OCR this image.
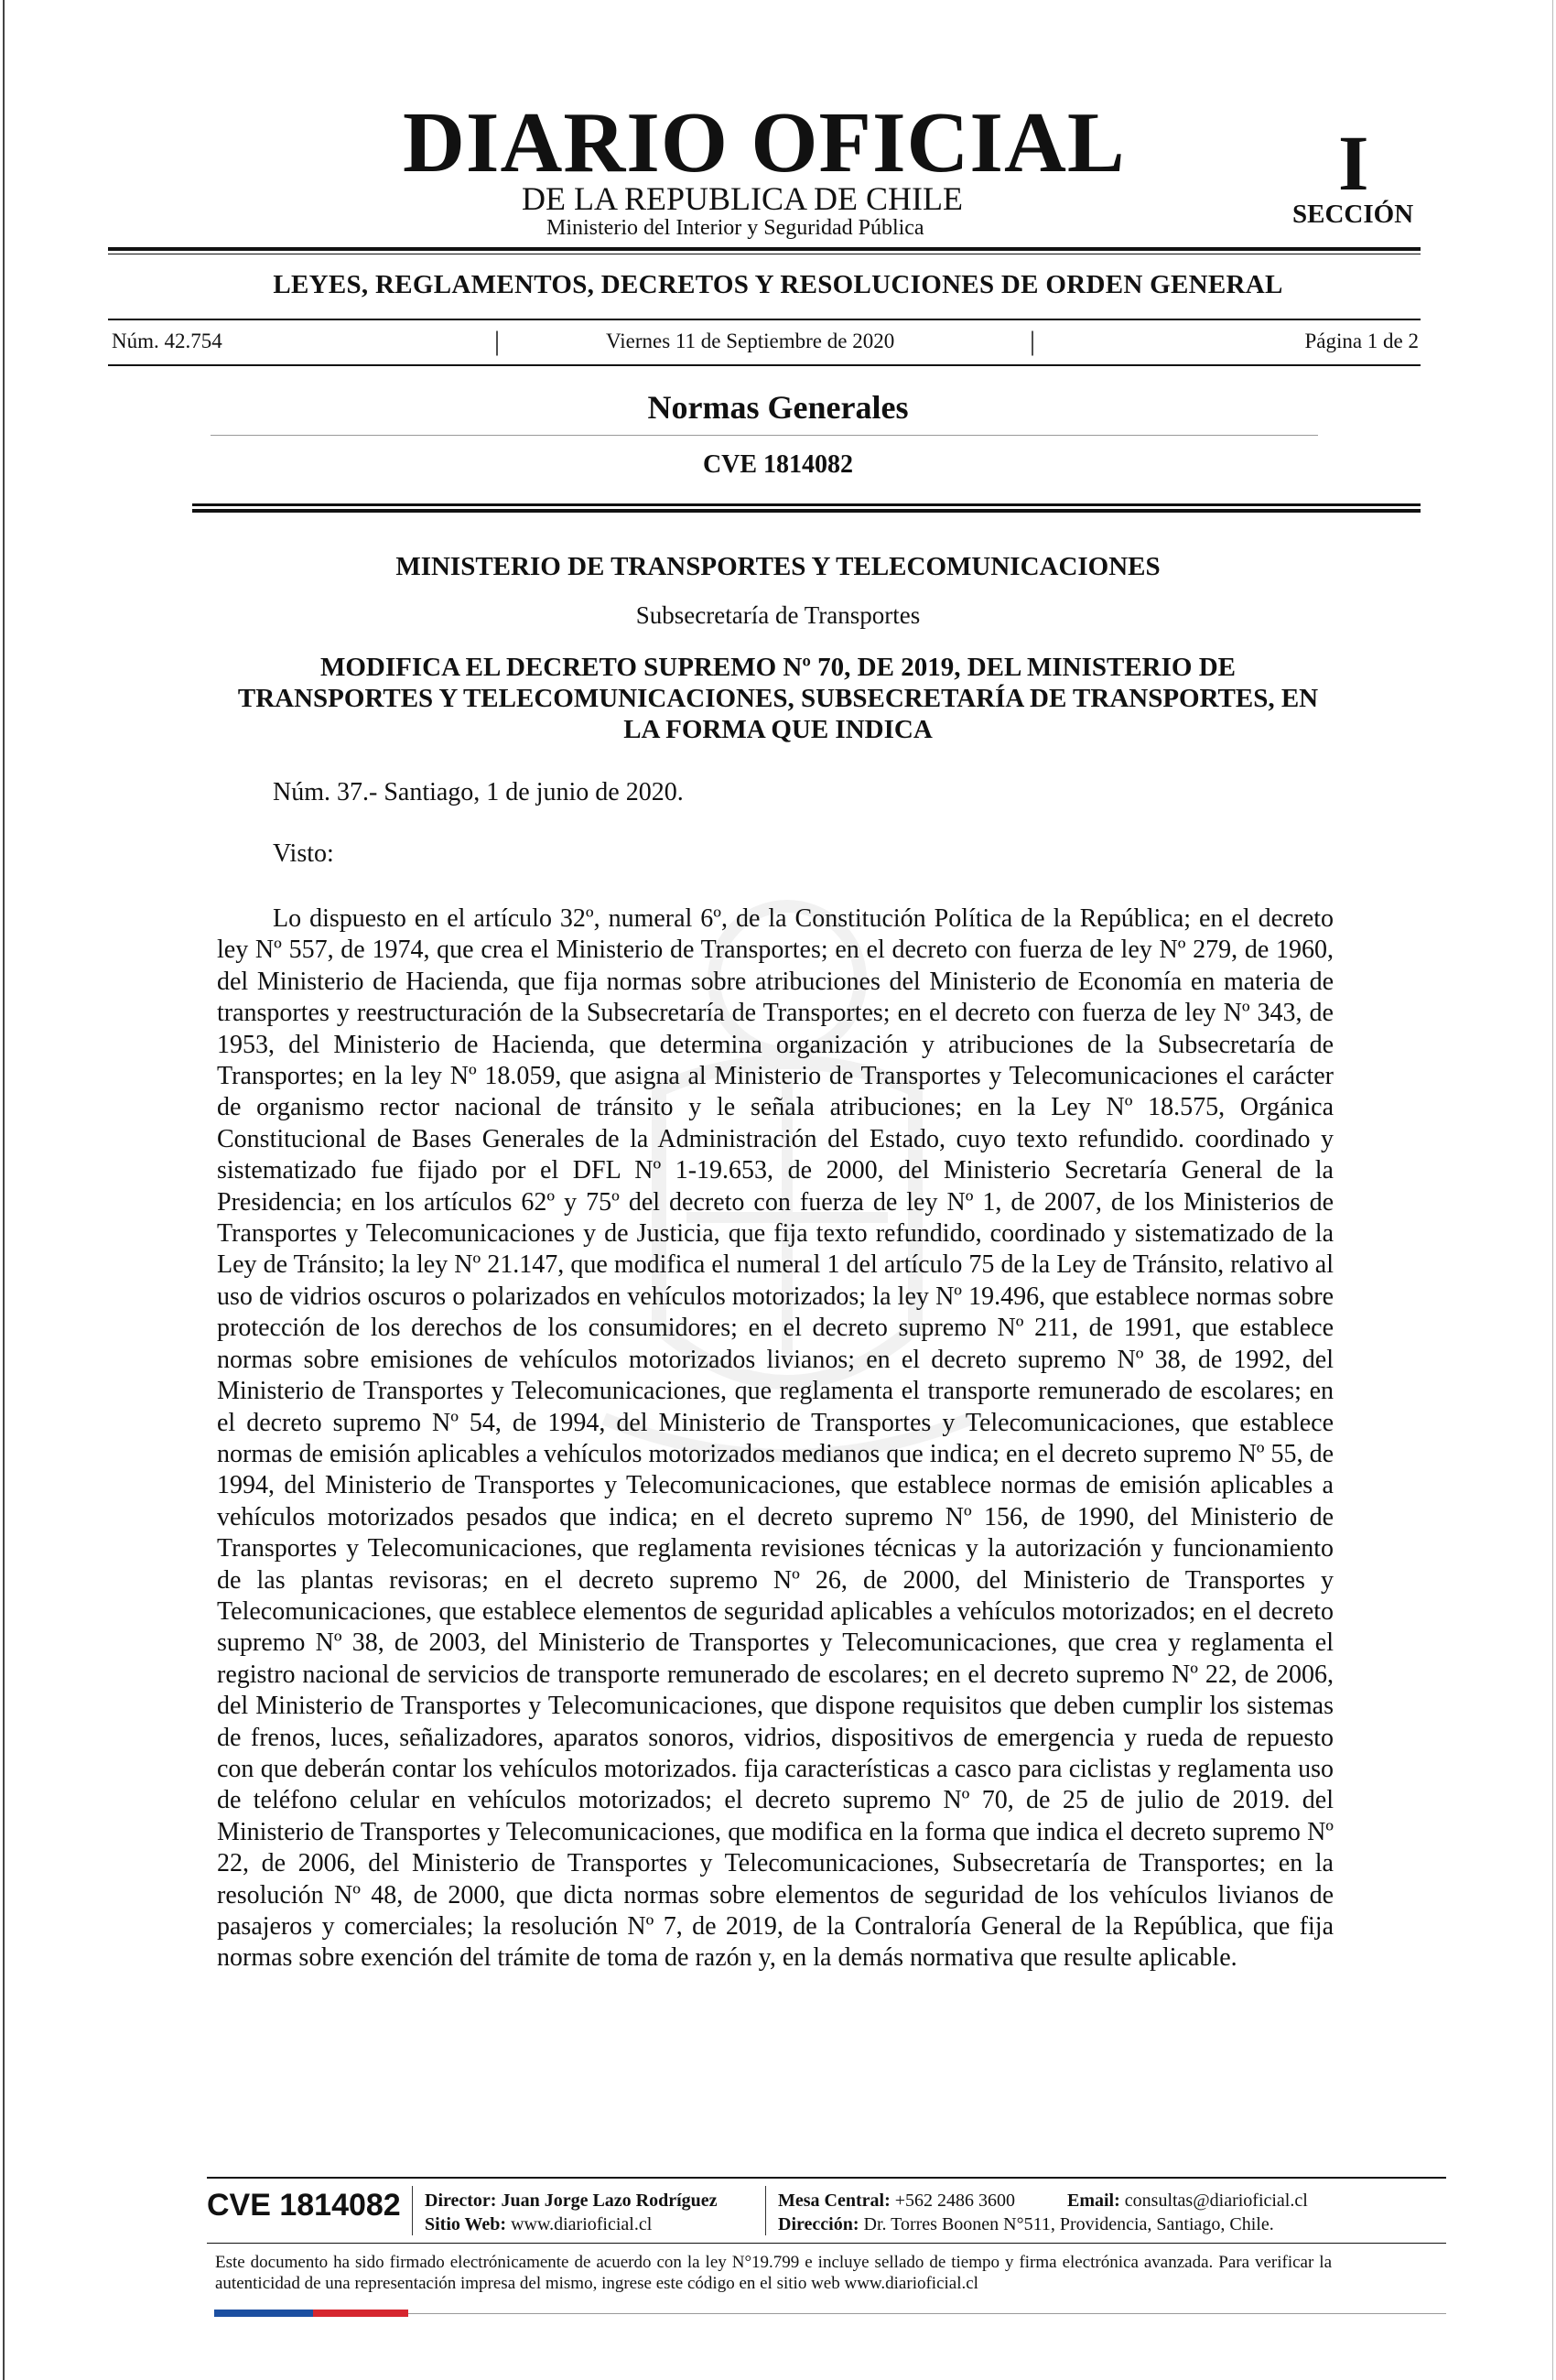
DIARIO OFICIAL
DE LA REPUBLICA DE CHILE
Ministerio del Interior y Seguridad Pública
I
SECCIÓN
LEYES, REGLAMENTOS, DECRETOS Y RESOLUCIONES DE ORDEN GENERAL
Núm. 42.754	|	Viernes 11 de Septiembre de 2020	|	Página 1 de 2
Normas Generales
CVE 1814082
MINISTERIO DE TRANSPORTES Y TELECOMUNICACIONES
Subsecretaría de Transportes
MODIFICA EL DECRETO SUPREMO Nº 70, DE 2019, DEL MINISTERIO DE TRANSPORTES Y TELECOMUNICACIONES, SUBSECRETARÍA DE TRANSPORTES, EN LA FORMA QUE INDICA
Núm. 37.- Santiago, 1 de junio de 2020.
Visto:
Lo dispuesto en el artículo 32º, numeral 6º, de la Constitución Política de la República; en el decreto ley Nº 557, de 1974, que crea el Ministerio de Transportes; en el decreto con fuerza de ley Nº 279, de 1960, del Ministerio de Hacienda, que fija normas sobre atribuciones del Ministerio de Economía en materia de transportes y reestructuración de la Subsecretaría de Transportes; en el decreto con fuerza de ley Nº 343, de 1953, del Ministerio de Hacienda, que determina organización y atribuciones de la Subsecretaría de Transportes; en la ley Nº 18.059, que asigna al Ministerio de Transportes y Telecomunicaciones el carácter de organismo rector nacional de tránsito y le señala atribuciones; en la Ley Nº 18.575, Orgánica Constitucional de Bases Generales de la Administración del Estado, cuyo texto refundido. coordinado y sistematizado fue fijado por el DFL Nº 1-19.653, de 2000, del Ministerio Secretaría General de la Presidencia; en los artículos 62º y 75º del decreto con fuerza de ley Nº 1, de 2007, de los Ministerios de Transportes y Telecomunicaciones y de Justicia, que fija texto refundido, coordinado y sistematizado de la Ley de Tránsito; la ley Nº 21.147, que modifica el numeral 1 del artículo 75 de la Ley de Tránsito, relativo al uso de vidrios oscuros o polarizados en vehículos motorizados; la ley Nº 19.496, que establece normas sobre protección de los derechos de los consumidores; en el decreto supremo Nº 211, de 1991, que establece normas sobre emisiones de vehículos motorizados livianos; en el decreto supremo Nº 38, de 1992, del Ministerio de Transportes y Telecomunicaciones, que reglamenta el transporte remunerado de escolares; en el decreto supremo Nº 54, de 1994, del Ministerio de Transportes y Telecomunicaciones, que establece normas de emisión aplicables a vehículos motorizados medianos que indica; en el decreto supremo Nº 55, de 1994, del Ministerio de Transportes y Telecomunicaciones, que establece normas de emisión aplicables a vehículos motorizados pesados que indica; en el decreto supremo Nº 156, de 1990, del Ministerio de Transportes y Telecomunicaciones, que reglamenta revisiones técnicas y la autorización y funcionamiento de las plantas revisoras; en el decreto supremo Nº 26, de 2000, del Ministerio de Transportes y Telecomunicaciones, que establece elementos de seguridad aplicables a vehículos motorizados; en el decreto supremo Nº 38, de 2003, del Ministerio de Transportes y Telecomunicaciones, que crea y reglamenta el registro nacional de servicios de transporte remunerado de escolares; en el decreto supremo Nº 22, de 2006, del Ministerio de Transportes y Telecomunicaciones, que dispone requisitos que deben cumplir los sistemas de frenos, luces, señalizadores, aparatos sonoros, vidrios, dispositivos de emergencia y rueda de repuesto con que deberán contar los vehículos motorizados. fija características a casco para ciclistas y reglamenta uso de teléfono celular en vehículos motorizados; el decreto supremo Nº 70, de 25 de julio de 2019. del Ministerio de Transportes y Telecomunicaciones, que modifica en la forma que indica el decreto supremo Nº 22, de 2006, del Ministerio de Transportes y Telecomunicaciones, Subsecretaría de Transportes; en la resolución Nº 48, de 2000, que dicta normas sobre elementos de seguridad de los vehículos livianos de pasajeros y comerciales; la resolución Nº 7, de 2019, de la Contraloría General de la República, que fija normas sobre exención del trámite de toma de razón y, en la demás normativa que resulte aplicable.
CVE 1814082 Director: Juan Jorge Lazo Rodríguez
Sitio Web: www.diarioficial.cl
Mesa Central: +562 2486 3600	Email: consultas@diarioficial.cl
Dirección: Dr. Torres Boonen N°511, Providencia, Santiago, Chile.
Este documento ha sido firmado electrónicamente de acuerdo con la ley N°19.799 e incluye sellado de tiempo y firma electrónica avanzada. Para verificar la autenticidad de una representación impresa del mismo, ingrese este código en el sitio web www.diarioficial.cl
